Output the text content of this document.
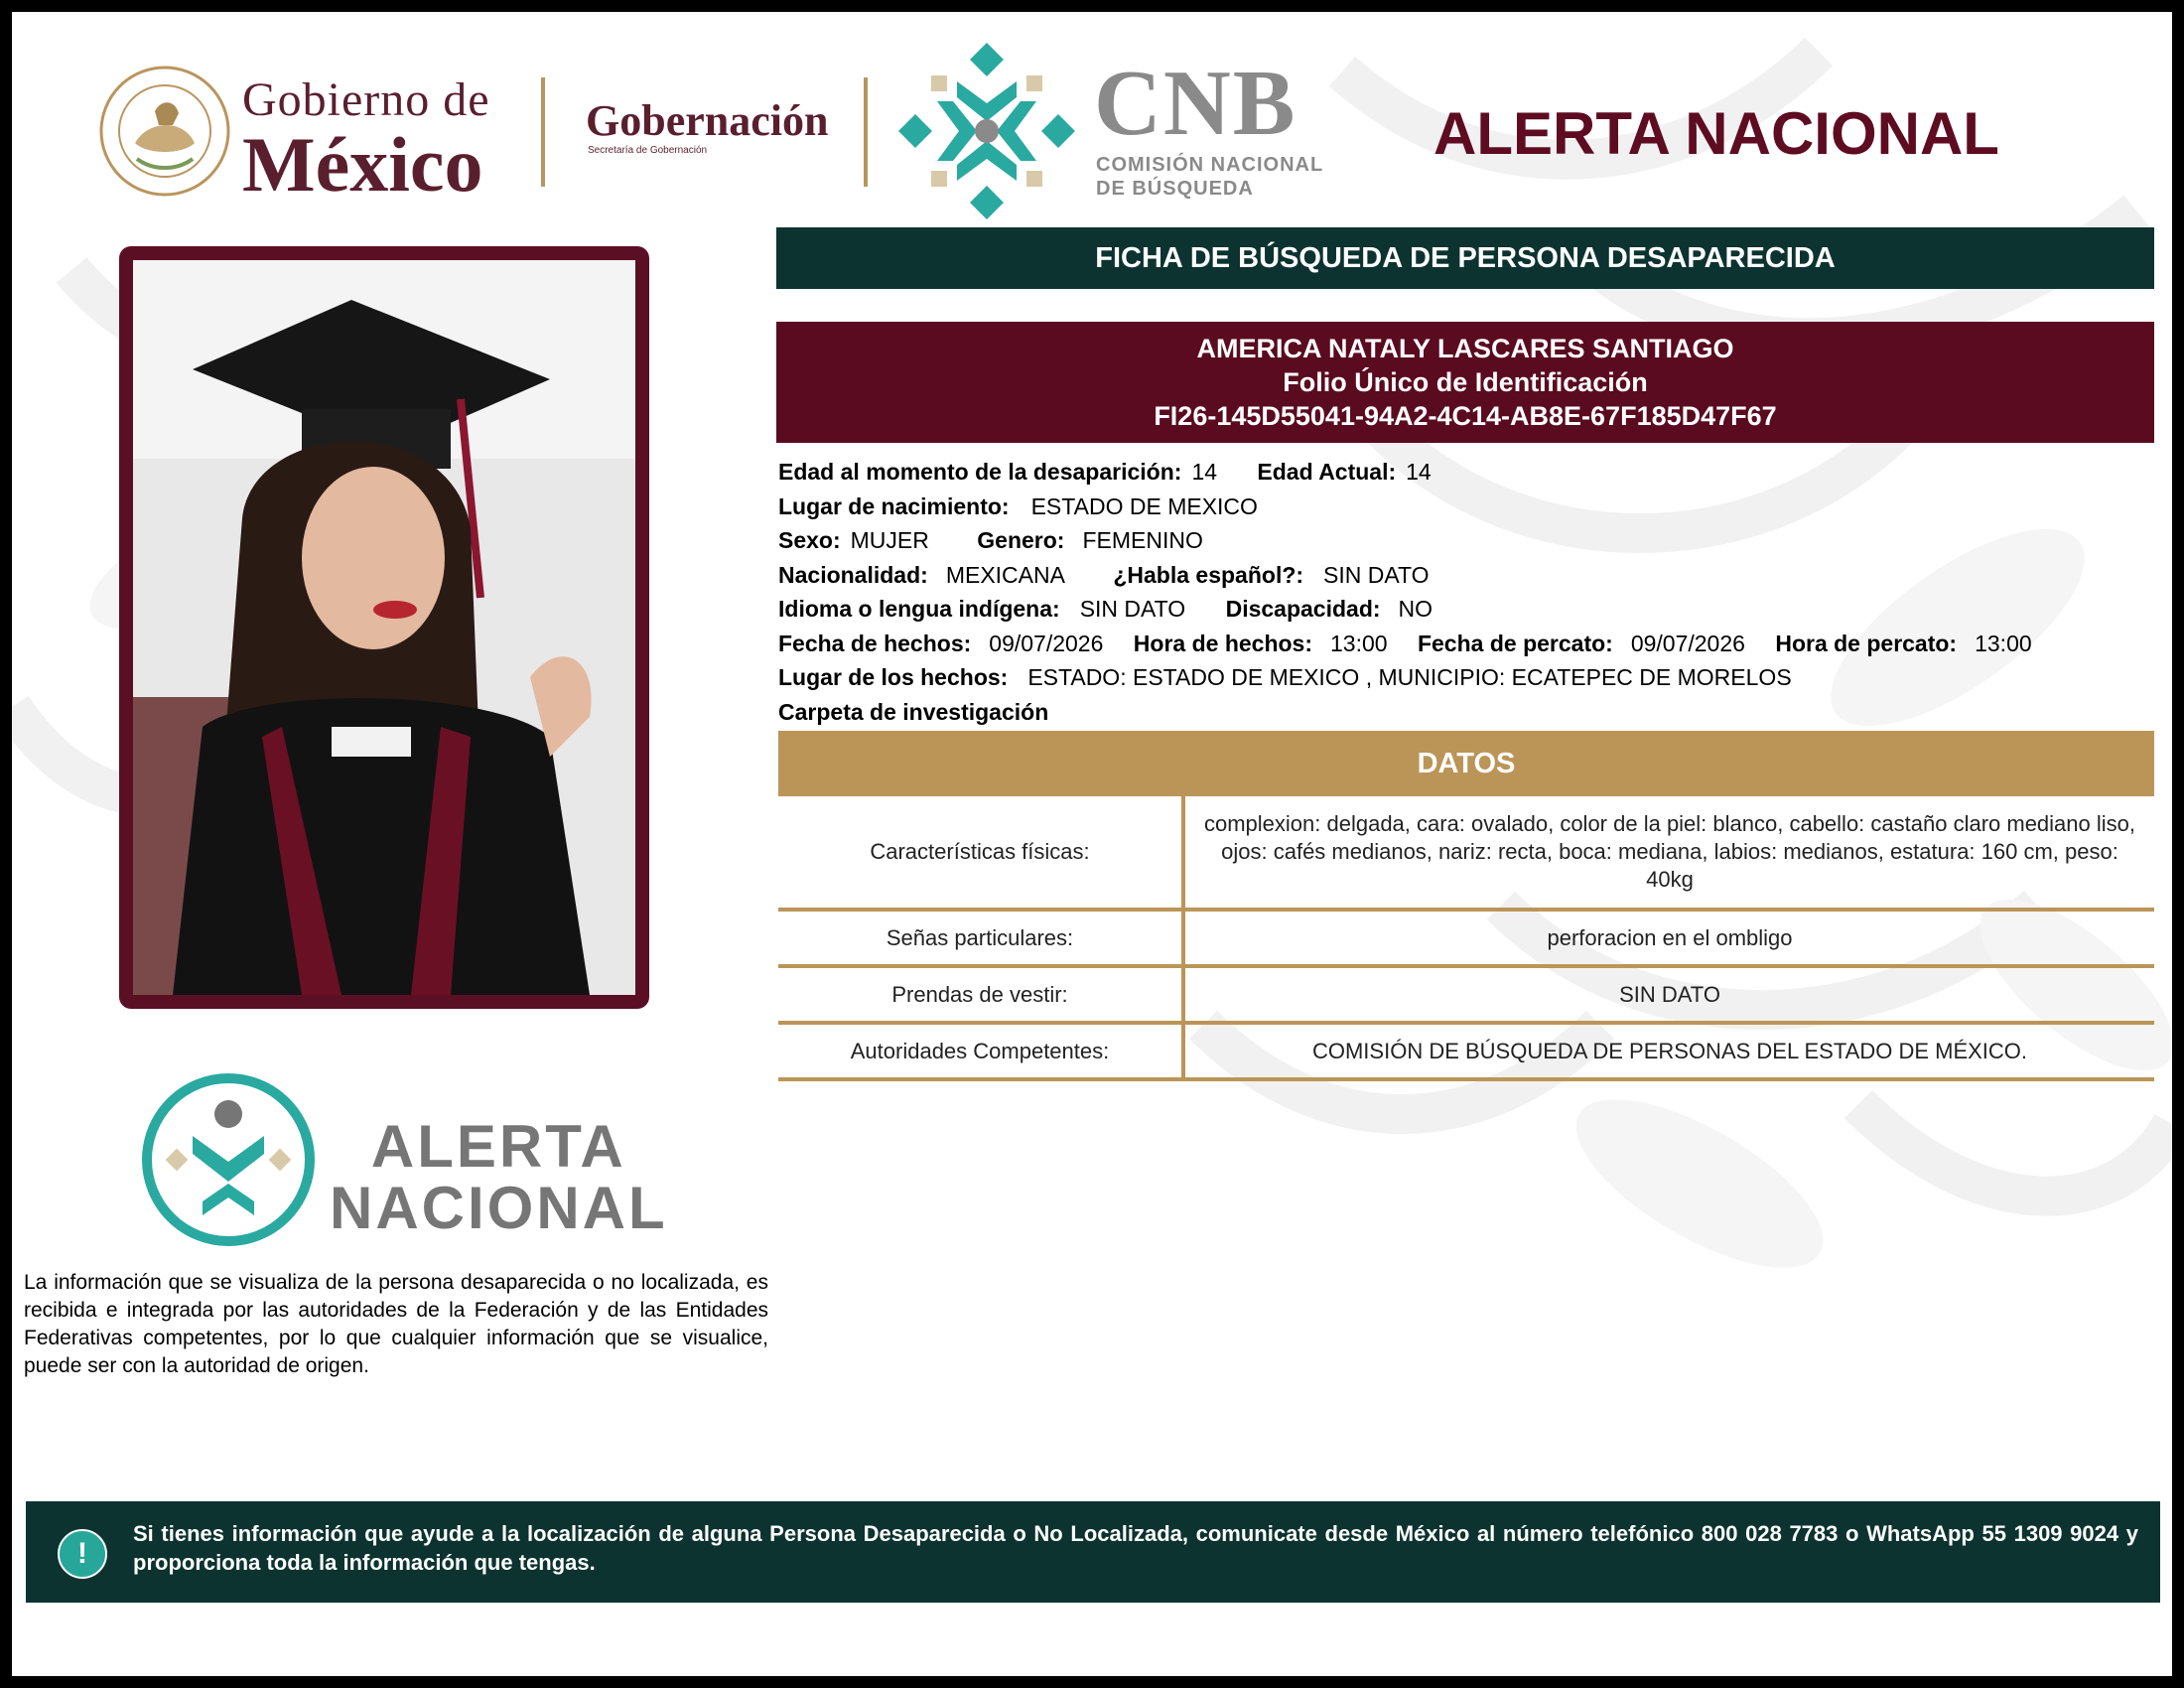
Gobierno de
México
Gobernación
Secretaría de Gobernación	CNB
COMISIÓN NACIONAL
DE BÚSQUEDA
ALERTA NACIONAL
FICHA DE BÚSQUEDA DE PERSONA DESAPARECIDA
AMERICA NATALY LASCARES SANTIAGO
Folio Único de Identificación
FI26-145D55041-94A2-4C14-AB8E-67F185D47F67
Edad al momento de la desaparición: 14 Edad Actual: 14
Lugar de nacimiento: ESTADO DE MEXICO
Sexo: MUJER Genero: FEMENINO
Nacionalidad: MEXICANA ¿Habla español?: SIN DATO
Idioma o lengua indígena: SIN DATO Discapacidad: NO
Fecha de hechos: 09/07/2026 Hora de hechos: 13:00 Fecha de percato: 09/07/2026 Hora de percato: 13:00
Lugar de los hechos: ESTADO: ESTADO DE MEXICO , MUNICIPIO: ECATEPEC DE MORELOS
Carpeta de investigación
DATOS
Características físicas:	complexion: delgada, cara: ovalado, color de la piel: blanco, cabello: castaño claro mediano liso, ojos: cafés medianos, nariz: recta, boca: mediana, labios: medianos, estatura: 160 cm, peso: 40kg
Señas particulares:	perforacion en el ombligo
Prendas de vestir:	SIN DATO
Autoridades Competentes:	COMISIÓN DE BÚSQUEDA DE PERSONAS DEL ESTADO DE MÉXICO.
ALERTA
NACIONAL
La información que se visualiza de la persona desaparecida o no localizada, es recibida e integrada por las autoridades de la Federación y de las Entidades Federativas competentes, por lo que cualquier información que se visualice, puede ser con la autoridad de origen.
!
Si tienes información que ayude a la localización de alguna Persona Desaparecida o No Localizada, comunicate desde México al número telefónico 800 028 7783 o WhatsApp 55 1309 9024 y proporciona toda la información que tengas.
